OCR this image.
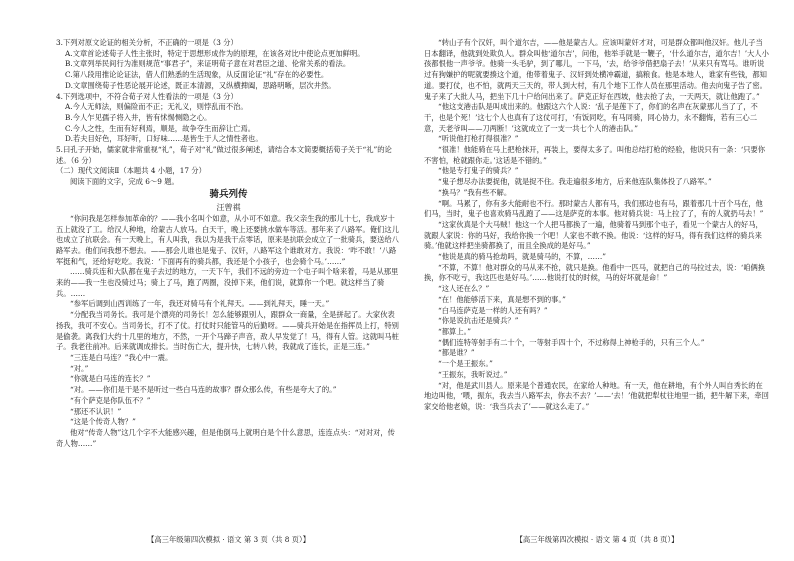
3.下列对原文论证的相关分析，不正确的一项是（3 分）

A.文章首论述荀子人性主张时，特定于思想形成作为的原理，在该各对比中使论点更加鲜明。

B.文章列举民间行为准则规范“事君子”，来证明荀子意在对君臣之道、伦常关系的看法。

C.第八段用推论论证法，借人们熟悉的生活现象，从反面论证“礼”存在的必要性。

D.文章围绕荀子性恶论展开论述，既正本清源，又纵横捭阖，思路明晰，层次井然。

4.下列选项中，不符合荀子对人性看法的一项是（3 分）

A.今人无师法，则偏险而不正；无礼义，则悖乱而不治。

B.今人乍见孺子将入井，皆有怵惕恻隐之心。

C.今人之性，生而有好利焉，顺是，故争夺生而辞让亡焉。

D.若夫目好色，耳好听，口好味……是皆生于人之情性者也。

5.曰孔子开始，儒家就非常重视“礼”，荀子对“礼”做过很多阐述，请结合本文简要概括荀子关于“礼”的论述。（6 分）

（二）现代文阅读Ⅱ（本题共 4 小题，17 分）

阅读下面的文字，完成 6～9 题。

骑兵列传

汪曾祺

“你问我是怎样参加革命的？——我小名叫个如意，从小可不如意。我父亲生我的那儿十七，我成岁十五上就没了工。给汉人种地，给蒙古人放马。白天干，晚上还要挑水做车等活。那年来了八路军。俺们这儿也成立了抗联会。有一天晚上，有人叫我，我以为是我干点零话，原来是抗联会成立了一批骑兵，要送给八路军去。他们问我想不想去。——那会儿谁也是鬼子、汉奸，八路军这个谁敢对方。我说：‘咋不敢！’八路军挺和气，还给好吃吃。我说：‘下面再有的骑兵都，我还是个小孩子，也会骑个马。’……”

……骑兵连和大队都在鬼子去过的地方，一天下午，我们不远的旁边一个屯子叫个啥来着，马是从那里来的——我一生也没骑过马；骑上了马，跑了两圈，没掉下来，他们说，就算你一个吧。就这样当了骑兵。……

“参军后调到山西训练了一年，我还对骑马有个礼拜天。——到礼拜天，睡一天。”

“分配我当司务长。我可是个漂亮的司务长！怎么能够跟别人，跟群众一商量，全是拼起了。大家伙表扬我，我可不安心。当司务长，打不了仗。打仗时只能管马的后勤呀。——骑兵开始是在指挥员上打，特别是偷袭。离我们大约十几里的地方，不然，一开个马蹄子声音，敌人早发觉了！马，得有人管。这就叫马桩子。我老往前冲。后来就调成排长。当时伤亡大，提升快，七转八转，我就成了连长，正是三连。”

“三连是白马连？”我心中一震。

“对。”

“你就是白马连的连长？”

“对。——你们是干是不是听过一些白马连的故事？群众那么传，有些是夸大了的。”

“有个萨克是你队伍不？”

“那还不认识！”

“这是个传奇人物？”

他对“传奇人物”这几个字不大能感兴趣，但是他倒马上就明白是个什么意思，连连点头：“对对对，传奇人物……”

“转山子有个汉奸，叫个道尔吉，——他是蒙古人。应该叫蒙奸才对，可是群众都叫他汉奸。他儿子当日本翻译，他就到处欺负人。群众叫他‘道尔吉’，问他，他举手就是一鞭子，‘什么道尔吉，道尔吉！’大人小孩都恨他一声爷爷。他骑一头毛驴，到了哪儿，一下马，‘去，给爷爷借把扇子去！’从来只有骂马。谁听说过有狗嫌护的呢就要揍这个道，他带着鬼子、汉奸到处横冲霸道，搞粮食。他是本地人，谁家有些钱，都知道。要打仗，也不怕，就两天三天的，带人到大村，有几个地下工作人员在那里活动。他去向鬼子告了密。鬼子来了大批人马，把坐下几十户给问出来了。萨克正好在西坡，他去抢了去，一天两天，就让他跑了。”

“他这支港击队是叫成出来的。他跟这六个人说：‘乱子是莲下了，你们的名声在灰蒙那儿当了了，不干，也是个死！’这七个人也真有了这仗可打，‘有饭同吃，有马同骑，同心协力，永不翻悔，若有三心二意，天老爷叫——刀两断！’这就成立了一支一共七个人的港击队。”

“听说他打枪打得很准？”

“很准！他能骑在马上把枪抹开，再装上，要得太多了。叫他总结打枪的经验，他说只有一条：‘只要你不害怕，枪就跟你走。’这话是不错的。”

“他是专打鬼子的骑兵？”

“鬼子想尽办法要捉他，就是捉不住。我走遍很多地方，后来他连队集体投了八路军。”

“换马？”我有些不解。

“啊。马累了，你有多大能耐也不行。那时蒙古人都有马，我们那边也有马，跟着那几十百个马在，他们马，当时，鬼子也喜欢骑马乱跑了——这是萨克的本事。他对骑兵说：马上拉了了，有的人就扔马去！”

“这家伙真是个大马贼！他这一个人把马都换了一遍，他骑着马到那个屯子，看见一个蒙古人的好马，就跟人家说：你的马好，我给你换一个吧！人家也不敢不换。他说：‘这样的好马，得有我们这样的骑兵来骑。’他就这样把坐骑都换了，而且全换成的是好马。”

“他说是真的骑马抢劫吗，就是骑马的，不算，……”

“不算，不算！他对群众的马从来不抢，就只是换。他看中一匹马，就把自己的马拉过去，说：‘咱俩换换，你不吃亏，我这匹也是好马。’……他说打仗的时候，马的好坏就是命！”

“这人还在么？”

“在！他能够活下来，真是想不到的事。”

“白马连萨克是一样的人还有吗？”

“你是说抗击还是骑兵？”

“都算上。”

“偶们连特等射手有二十个，一等射手四十个，不过称得上神枪手的，只有三个人。”

“都是谁？”

“一个是王振东。”

“王振东，我听说过。”

“对，他是武川县人。原来是个普通农民，在家给人种地。有一天，他在耕地，有个外人叫自秀长的在地边叫他，‘喂，振东，我去当八路军去，你去不去？’——‘去！’他就把犁杖往地里一插，把牛解下来，牵回家交给他老娘，说：‘我当兵去了’——就这么走了。”

【高三年级第四次模拟 · 语文 第 3 页（共 8 页）】	【高三年级第四次模拟 · 语文 第 4 页（共 8 页）】
